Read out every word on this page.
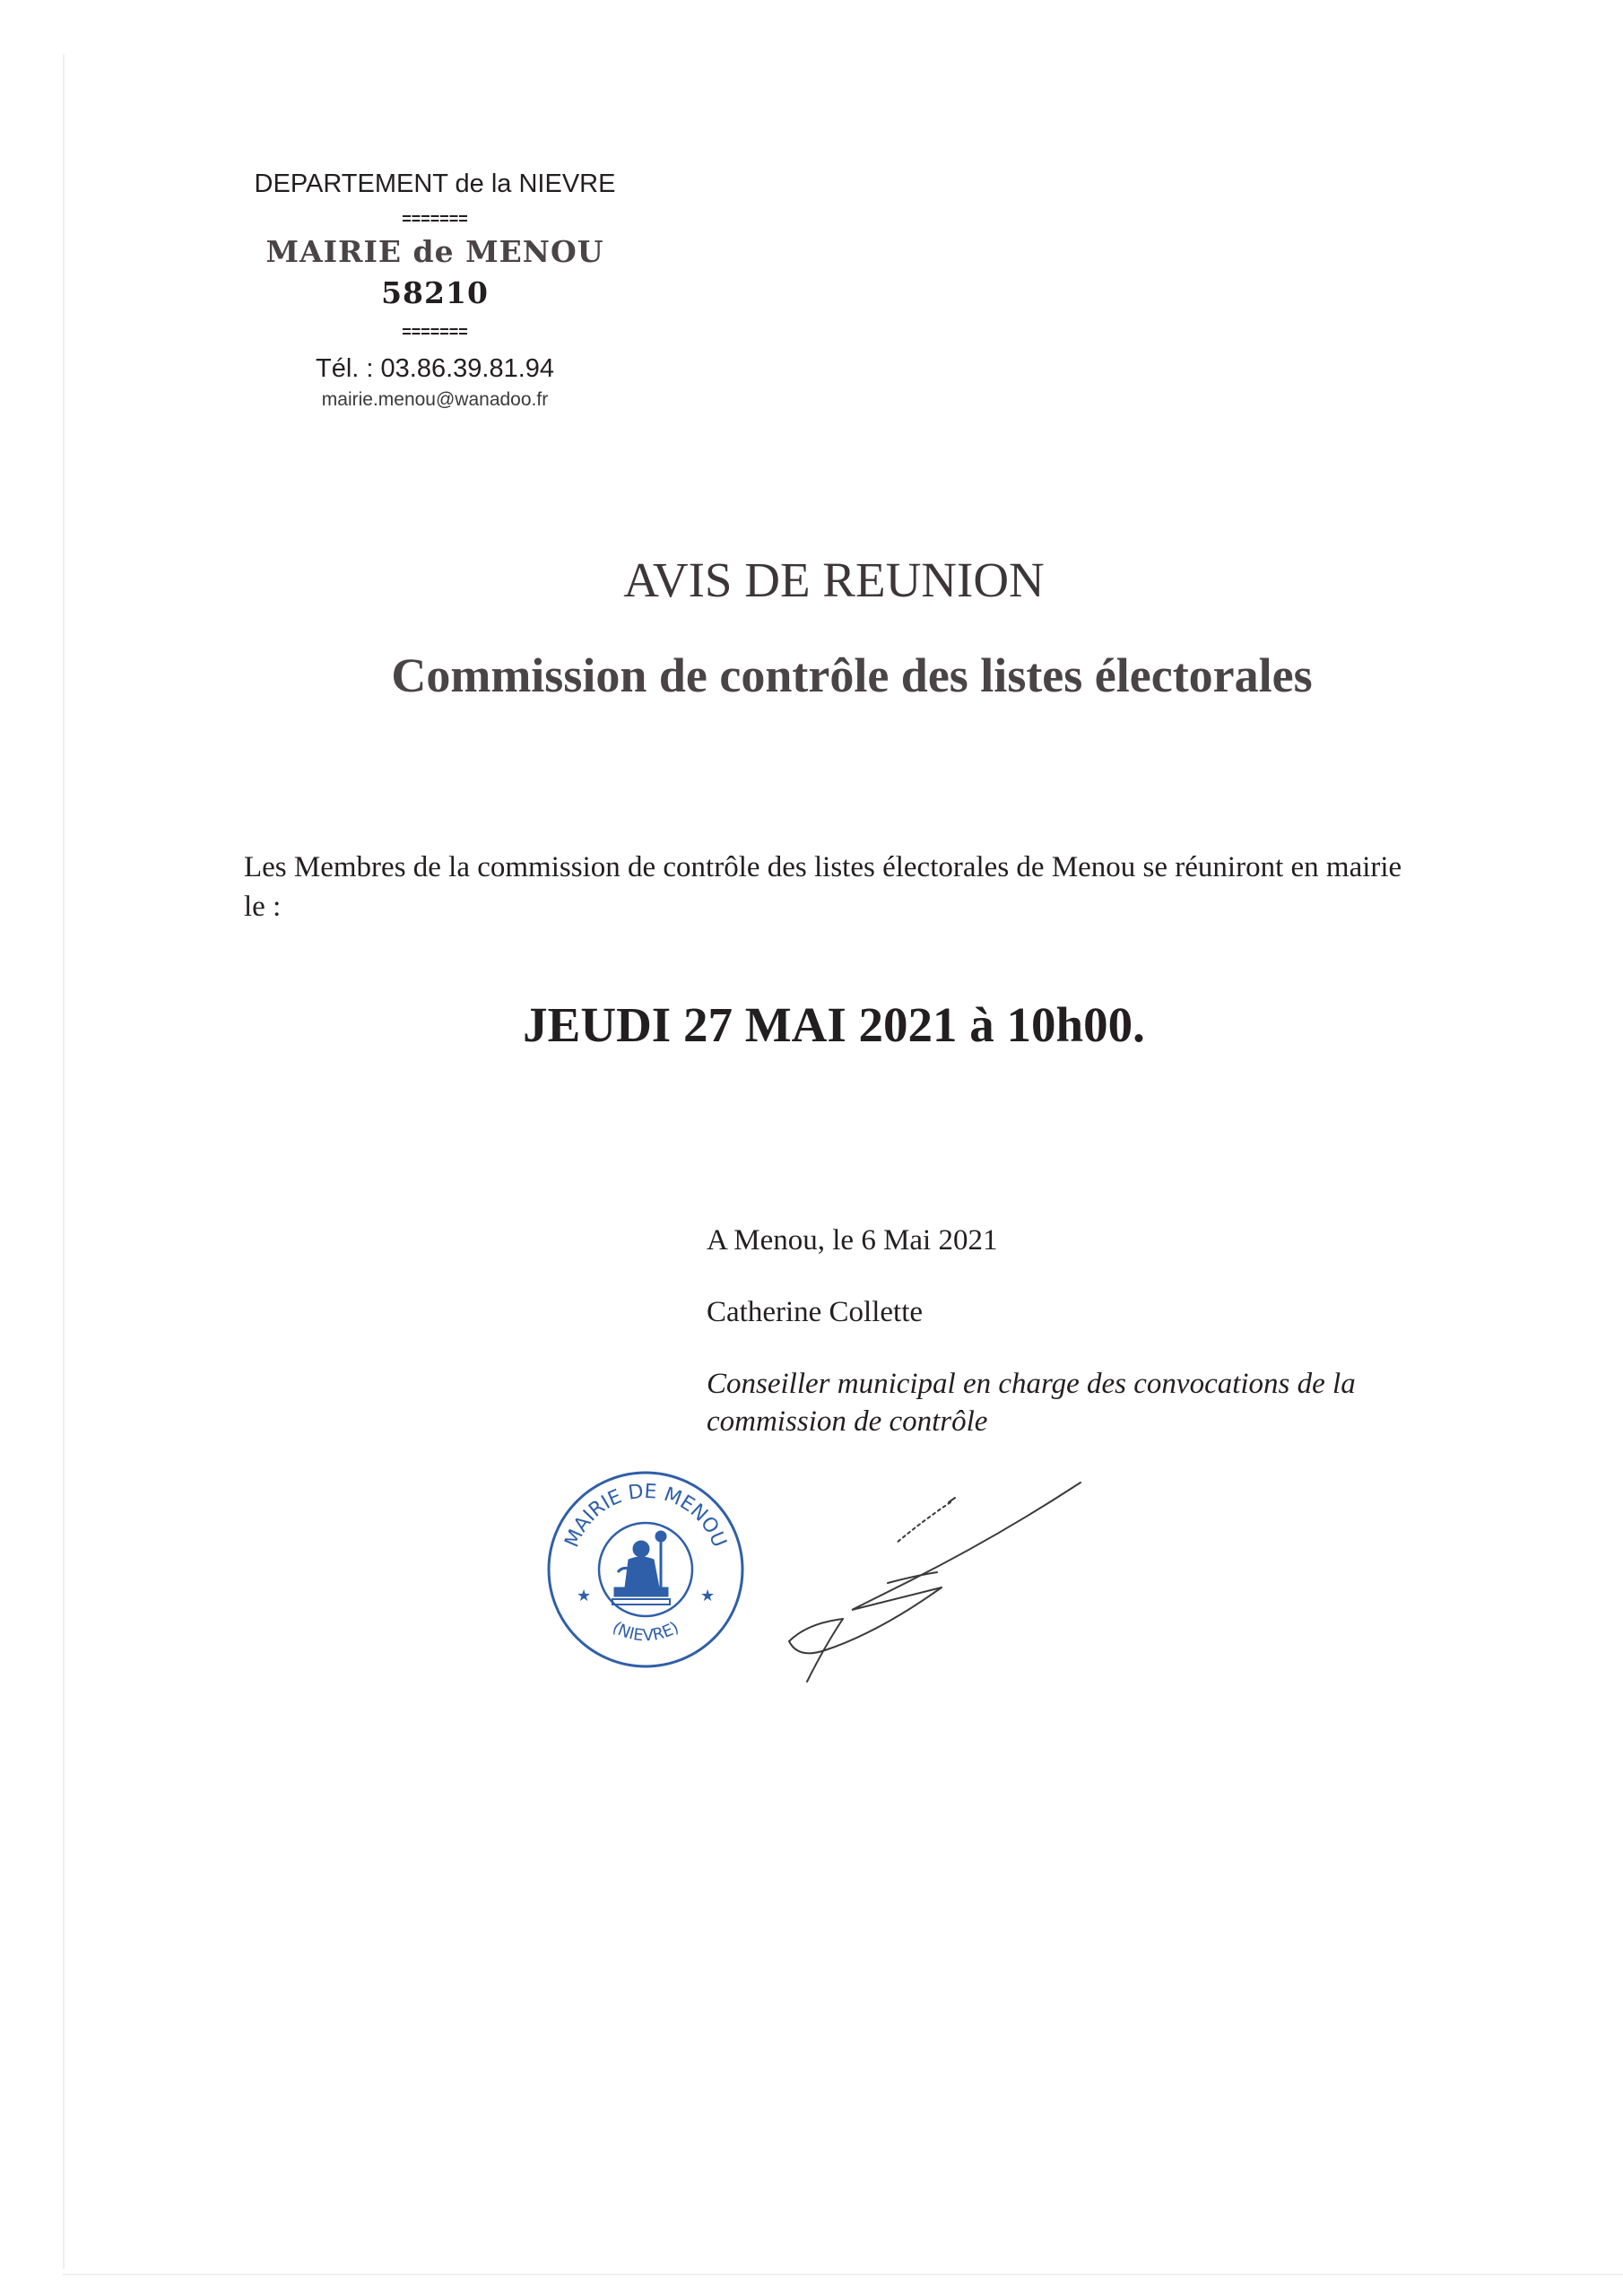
DEPARTEMENT de la NIEVRE
=======
MAIRIE de MENOU
58210
=======
Tél. : 03.86.39.81.94
mairie.menou@wanadoo.fr
AVIS DE REUNION
Commission de contrôle des listes électorales
Les Membres de la commission de contrôle des listes électorales de Menou se réuniront en mairie le :
JEUDI 27 MAI 2021 à 10h00.
A Menou, le 6 Mai 2021
Catherine Collette
Conseiller municipal en charge des convocations de la commission de contrôle
MAIRIE DE MENOU
(NIEVRE)
★	★
